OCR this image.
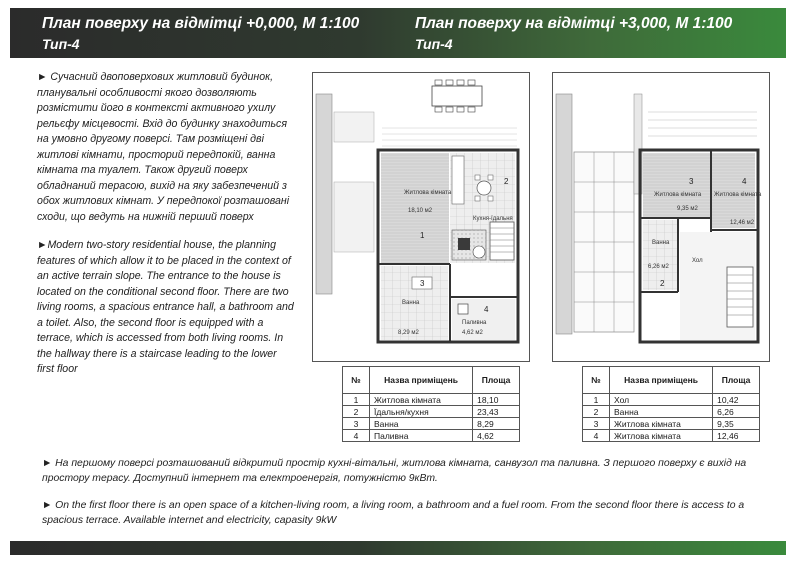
План поверху на відмітці +0,000, М 1:100
Тип-4
План поверху на відмітці +3,000, М 1:100
Тип-4

► Сучасний двоповерхових житловий будинок, планувальні особливості якого дозволяють розмістити його в контексті активного ухилу рельєфу місцевості. Вхід до будинку знаходиться на умовно другому поверсі. Там розміщені дві житлові кімнати, просторий передпокій, ванна кімната та туалет. Також другий поверх обладнаний терасою, вихід на яку забезпечений з обох житлових кімнат. У передпокої розташовані сходи, що ведуть на нижній перший поверх

►Modern two-story residential house, the planning features of which allow it to be placed in the context of an active terrain slope. The entrance to the house is located on the conditional second floor. There are two living rooms, a spacious entrance hall, a bathroom and a toilet. Also, the second floor is equipped with a terrace, which is accessed from both living rooms. In the hallway there is a staircase leading to the lower first floor

Житлова кімната
18,10 м2
1
2
Кухня-їдальня
3
Ванна
8,29 м2
4
Паливна
4,62 м2
3
Житлова кімната
9,35 м2
4
Житлова кімната
12,46 м2
Ванна
6,26 м2
2
Хол
№	Назва приміщень	Площа
1	Житлова кімната	18,10
2	Їдальня/кухня	23,43
3	Ванна	8,29
4	Паливна	4,62
№	Назва приміщень	Площа
1	Хол	10,42
2	Ванна	6,26
3	Житлова кімната	9,35
4	Житлова кімната	12,46
► На першому поверсі розташований відкритий простір кухні-вітальні, житлова кімната, санвузол та паливна. З першого поверху є вихід на простору терасу. Доступний інтернет та електроенергія, потужністю 9кВт.
► On the first floor there is an open space of a kitchen-living room, a living room, a bathroom and a fuel room. From the second floor there is access to a spacious terrace. Available internet and electricity, capasity 9kW
